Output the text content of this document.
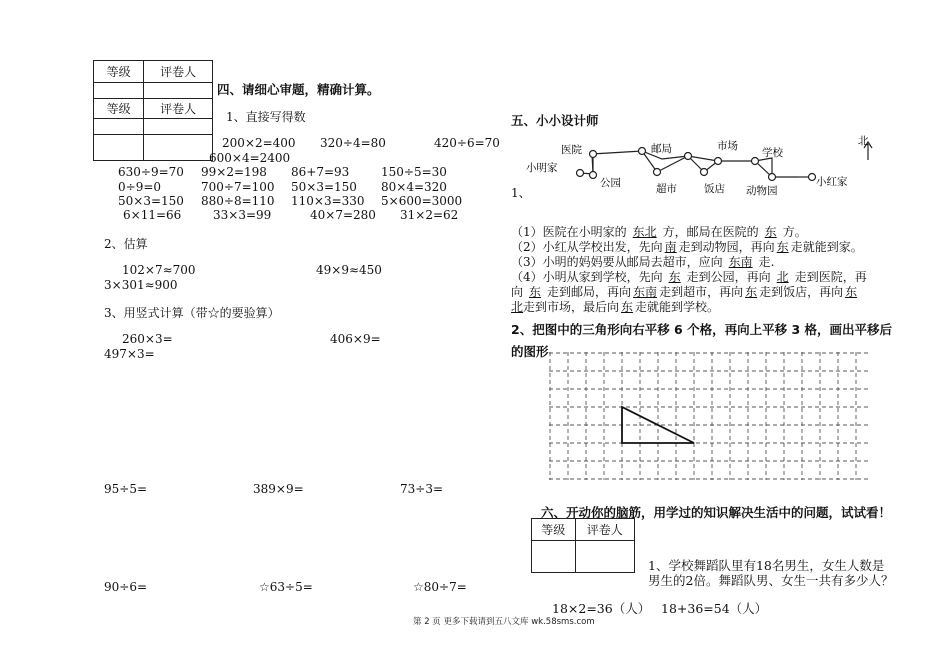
等级	评卷人

等级	评卷人

四、请细心审题，精确计算。
1、直接写得数
200×2=400 320÷4=80	420÷6=70
600×4=2400
630÷9=70 99×2=198 86+7=93	150÷5=30
0÷9=0	700÷7=100 50×3=150 80×4=320
50×3=150 880÷8=110 110×3=330 5×600=3000
6×11=66	33×3=99	40×7=280 31×2=62
2、估算
102×7≈700	49×9≈450
3×301≈900
3、用竖式计算（带☆的要验算）
260×3=	406×9=
497×3=
95÷5=	389×9=	73÷3=
90÷6=	☆63÷5=	☆80÷7=
五、小小设计师
1、
小明家
医院
公园
邮局
超市
市场
饭店
学校
动物园
小红家
北
（1）医院在小明家的 东北 方，邮局在医院的 东 方。
（2）小红从学校出发，先向 南 走到动物园，再向 东 走就能到家。
（3）小明的妈妈要从邮局去超市，应向 东南 走.
（4）小明从家到学校，先向 东 走到公园，再向 北 走到医院，再
向 东 走到邮局，再向 东南 走到超市，再向 东 走到饭店，再向 东
北走到市场，最后向 东 走就能到学校。
2、把图中的三角形向右平移 6 个格，再向上平移 3 格，画出平移后
的图形
六、开动你的脑筋，用学过的知识解决生活中的问题，试试看！
等级	评卷人

1、学校舞蹈队里有18名男生，女生人数是
男生的2倍。舞蹈队男、女生一共有多少人？
18×2=36（人） 18+36=54（人）
第 2 页 更多下载请到五八文库 wk.58sms.com
